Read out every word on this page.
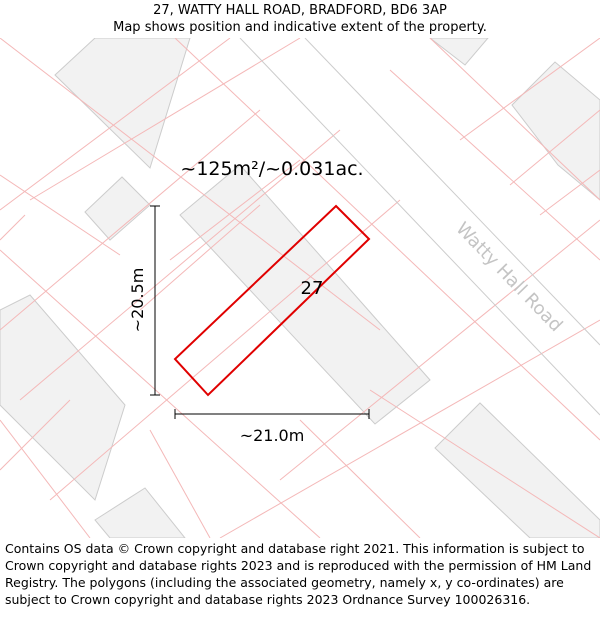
27, WATTY HALL ROAD, BRADFORD, BD6 3AP
Map shows position and indicative extent of the property.
Watty Hall Road
27
~125m²/~0.031ac.
~20.5m
~21.0m
Contains OS data © Crown copyright and database right 2021. This information is subject to Crown copyright and database rights 2023 and is reproduced with the permission of HM Land Registry. The polygons (including the associated geometry, namely x, y co-ordinates) are subject to Crown copyright and database rights 2023 Ordnance Survey 100026316.
